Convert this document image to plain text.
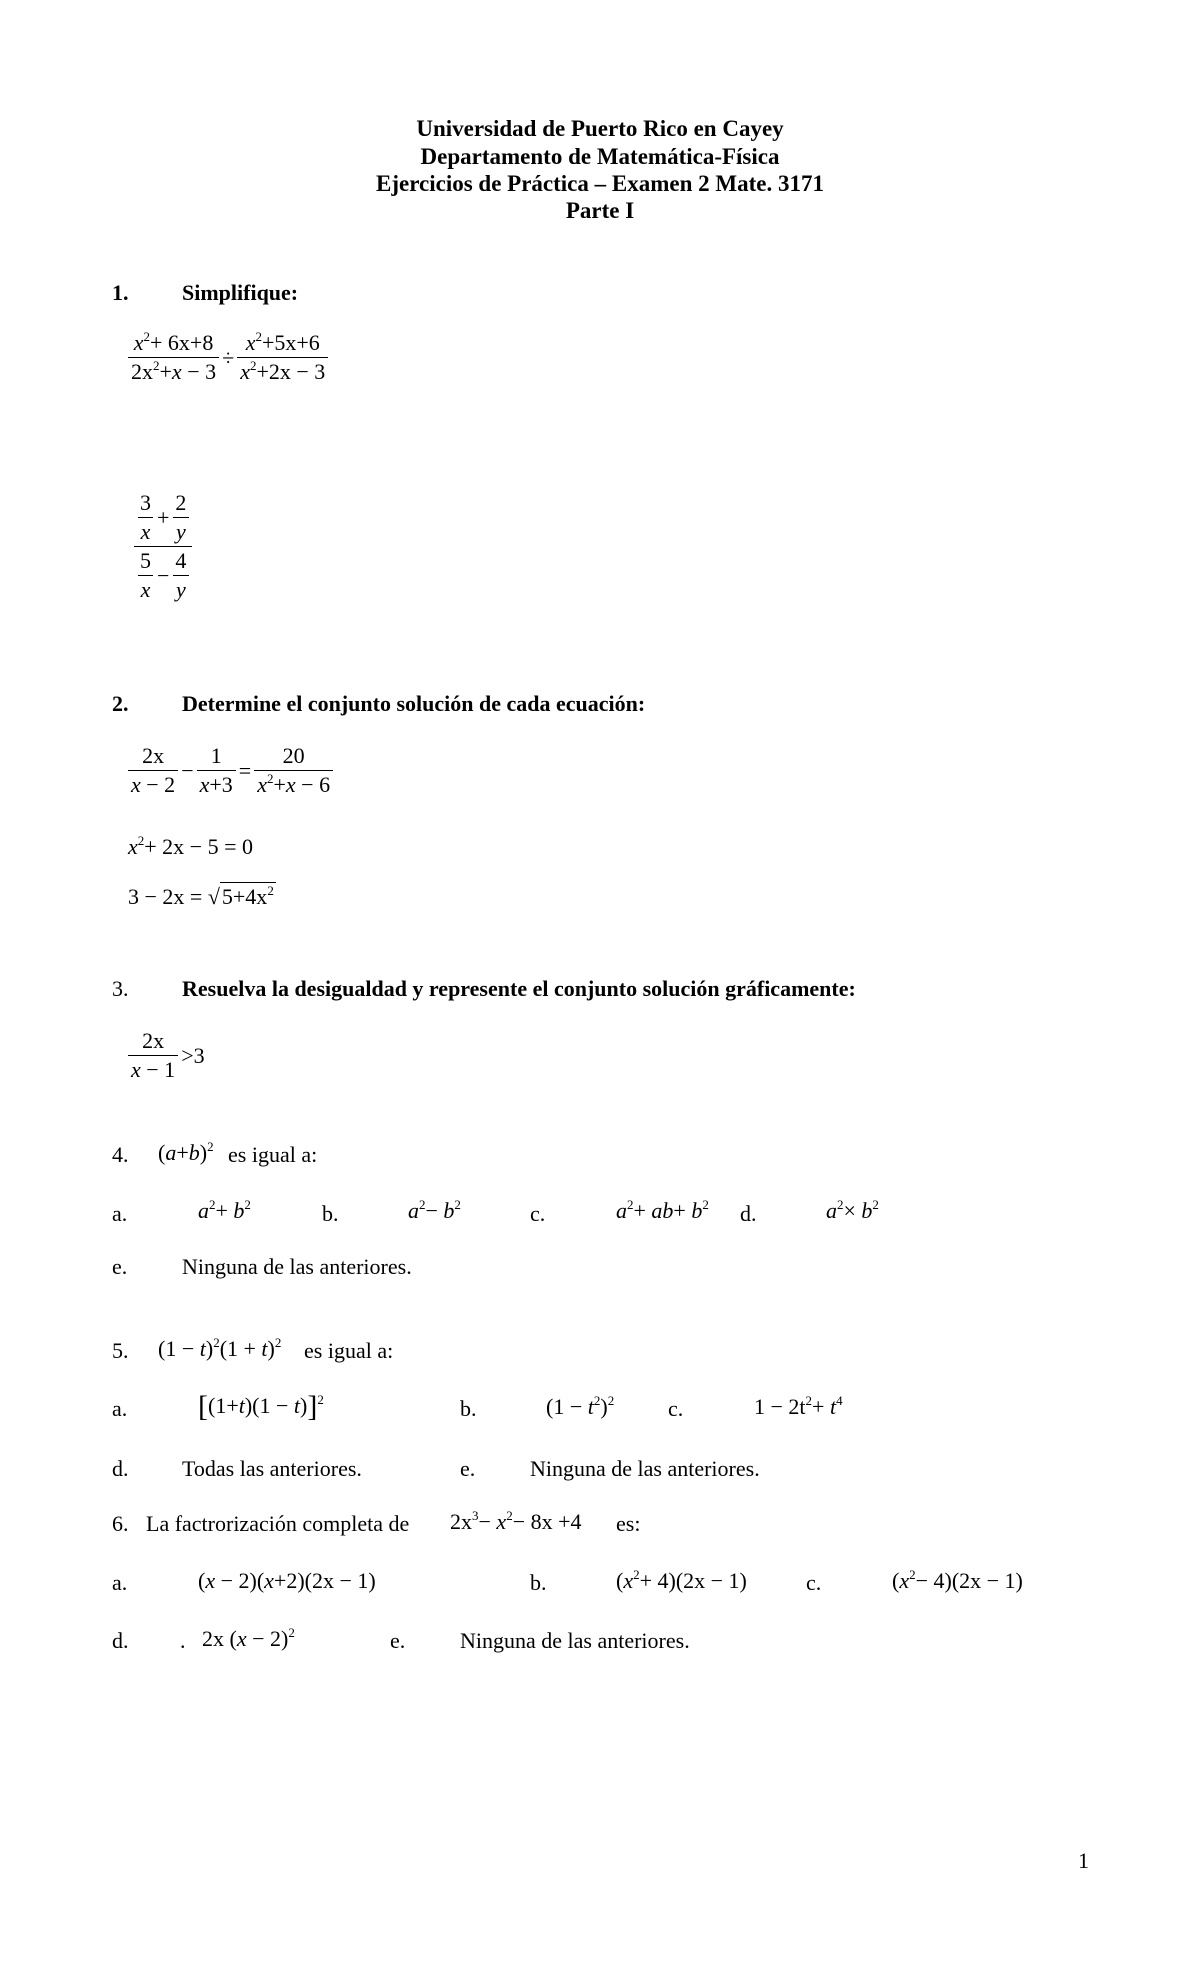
Universidad de Puerto Rico en Cayey
Departamento de Matemática-Física
Ejercicios de Práctica – Examen 2 Mate. 3171
Parte I
1. Simplifique:
$\frac{x^2+ 6x+8}{2x^2+x - 3} \div \frac{x^2+5x+6}{x^2+2x - 3}$
$\frac{\frac{3}{x} + \frac{2}{y}}{\frac{5}{x} - \frac{4}{y}}$
2. Determine el conjunto solución de cada ecuación:
$\frac{2x}{x - 2} - \frac{1}{x+3} = \frac{20}{x^2+x - 6}$
$x^2+ 2x - 5 = 0$
$3 - 2x = √5+4x^2$
3. Resuelva la desigualdad y represente el conjunto solución gráficamente:
$\frac{2x}{x - 1} >3$
4. $(a+b)^2$ es igual a:
a.	$a^2+ b^2$	b.	$a^2- b^2$	c.	$a^2+ ab+ b^2$ d.	$a^2\times b^2$
e. Ninguna de las anteriores.
5. $(1 - t)^2(1 + t)^2$ es igual a:
a. $[(1+t)(1 - t)]^2$	b.	$(1 - t^2)^2$ c.	$1 - 2t^2+ t^4$
d. Todas las anteriores.	e. Ninguna de las anteriores.
6. La factrorización completa de $2x^3- x^2- 8x +4$ es:
a.	(x − 2)(x+2)(2x − 1)	b.	$(x^2+ 4)(2x - 1)$	c.	$(x^2- 4)(2x - 1)$
d. . 2x $(x - 2)^2$	e. Ninguna de las anteriores.
1
